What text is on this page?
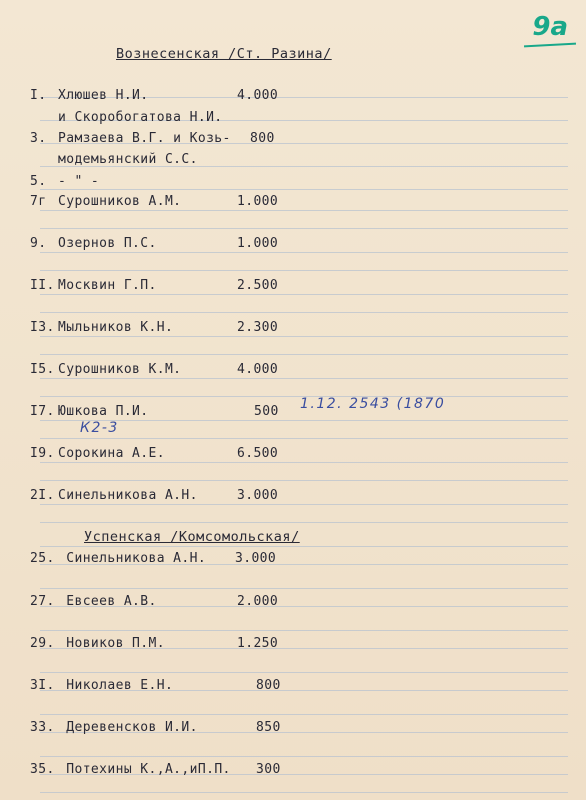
9а
Вознесенская /Ст. Разина/
I. Хлюшев Н.И.	4.000
и Скоробогатова Н.И.
3. Рамзаева В.Г. и Козь- 800
модемьянский С.С.
5. - " -
7г Сурошников А.М.	1.000
9. Озернов П.С.	1.000
II. Москвин Г.П.	2.500
I3. Мыльников К.Н.	2.300
I5. Сурошников К.М.	4.000
I7. Юшкова П.И.	500 1.12. 2543 (1870
К2-3
I9. Сорокина А.Е.	6.500
2I. Синельникова А.Н.	3.000
Успенская /Комсомольская/
25. Синельникова А.Н. 3.000
27. Евсеев А.В.	2.000
29. Новиков П.М.	1.250
3I. Николаев Е.Н.	800
33. Деревенсков И.И.	850
35. Потехины К.,А.,иП.П. 300
